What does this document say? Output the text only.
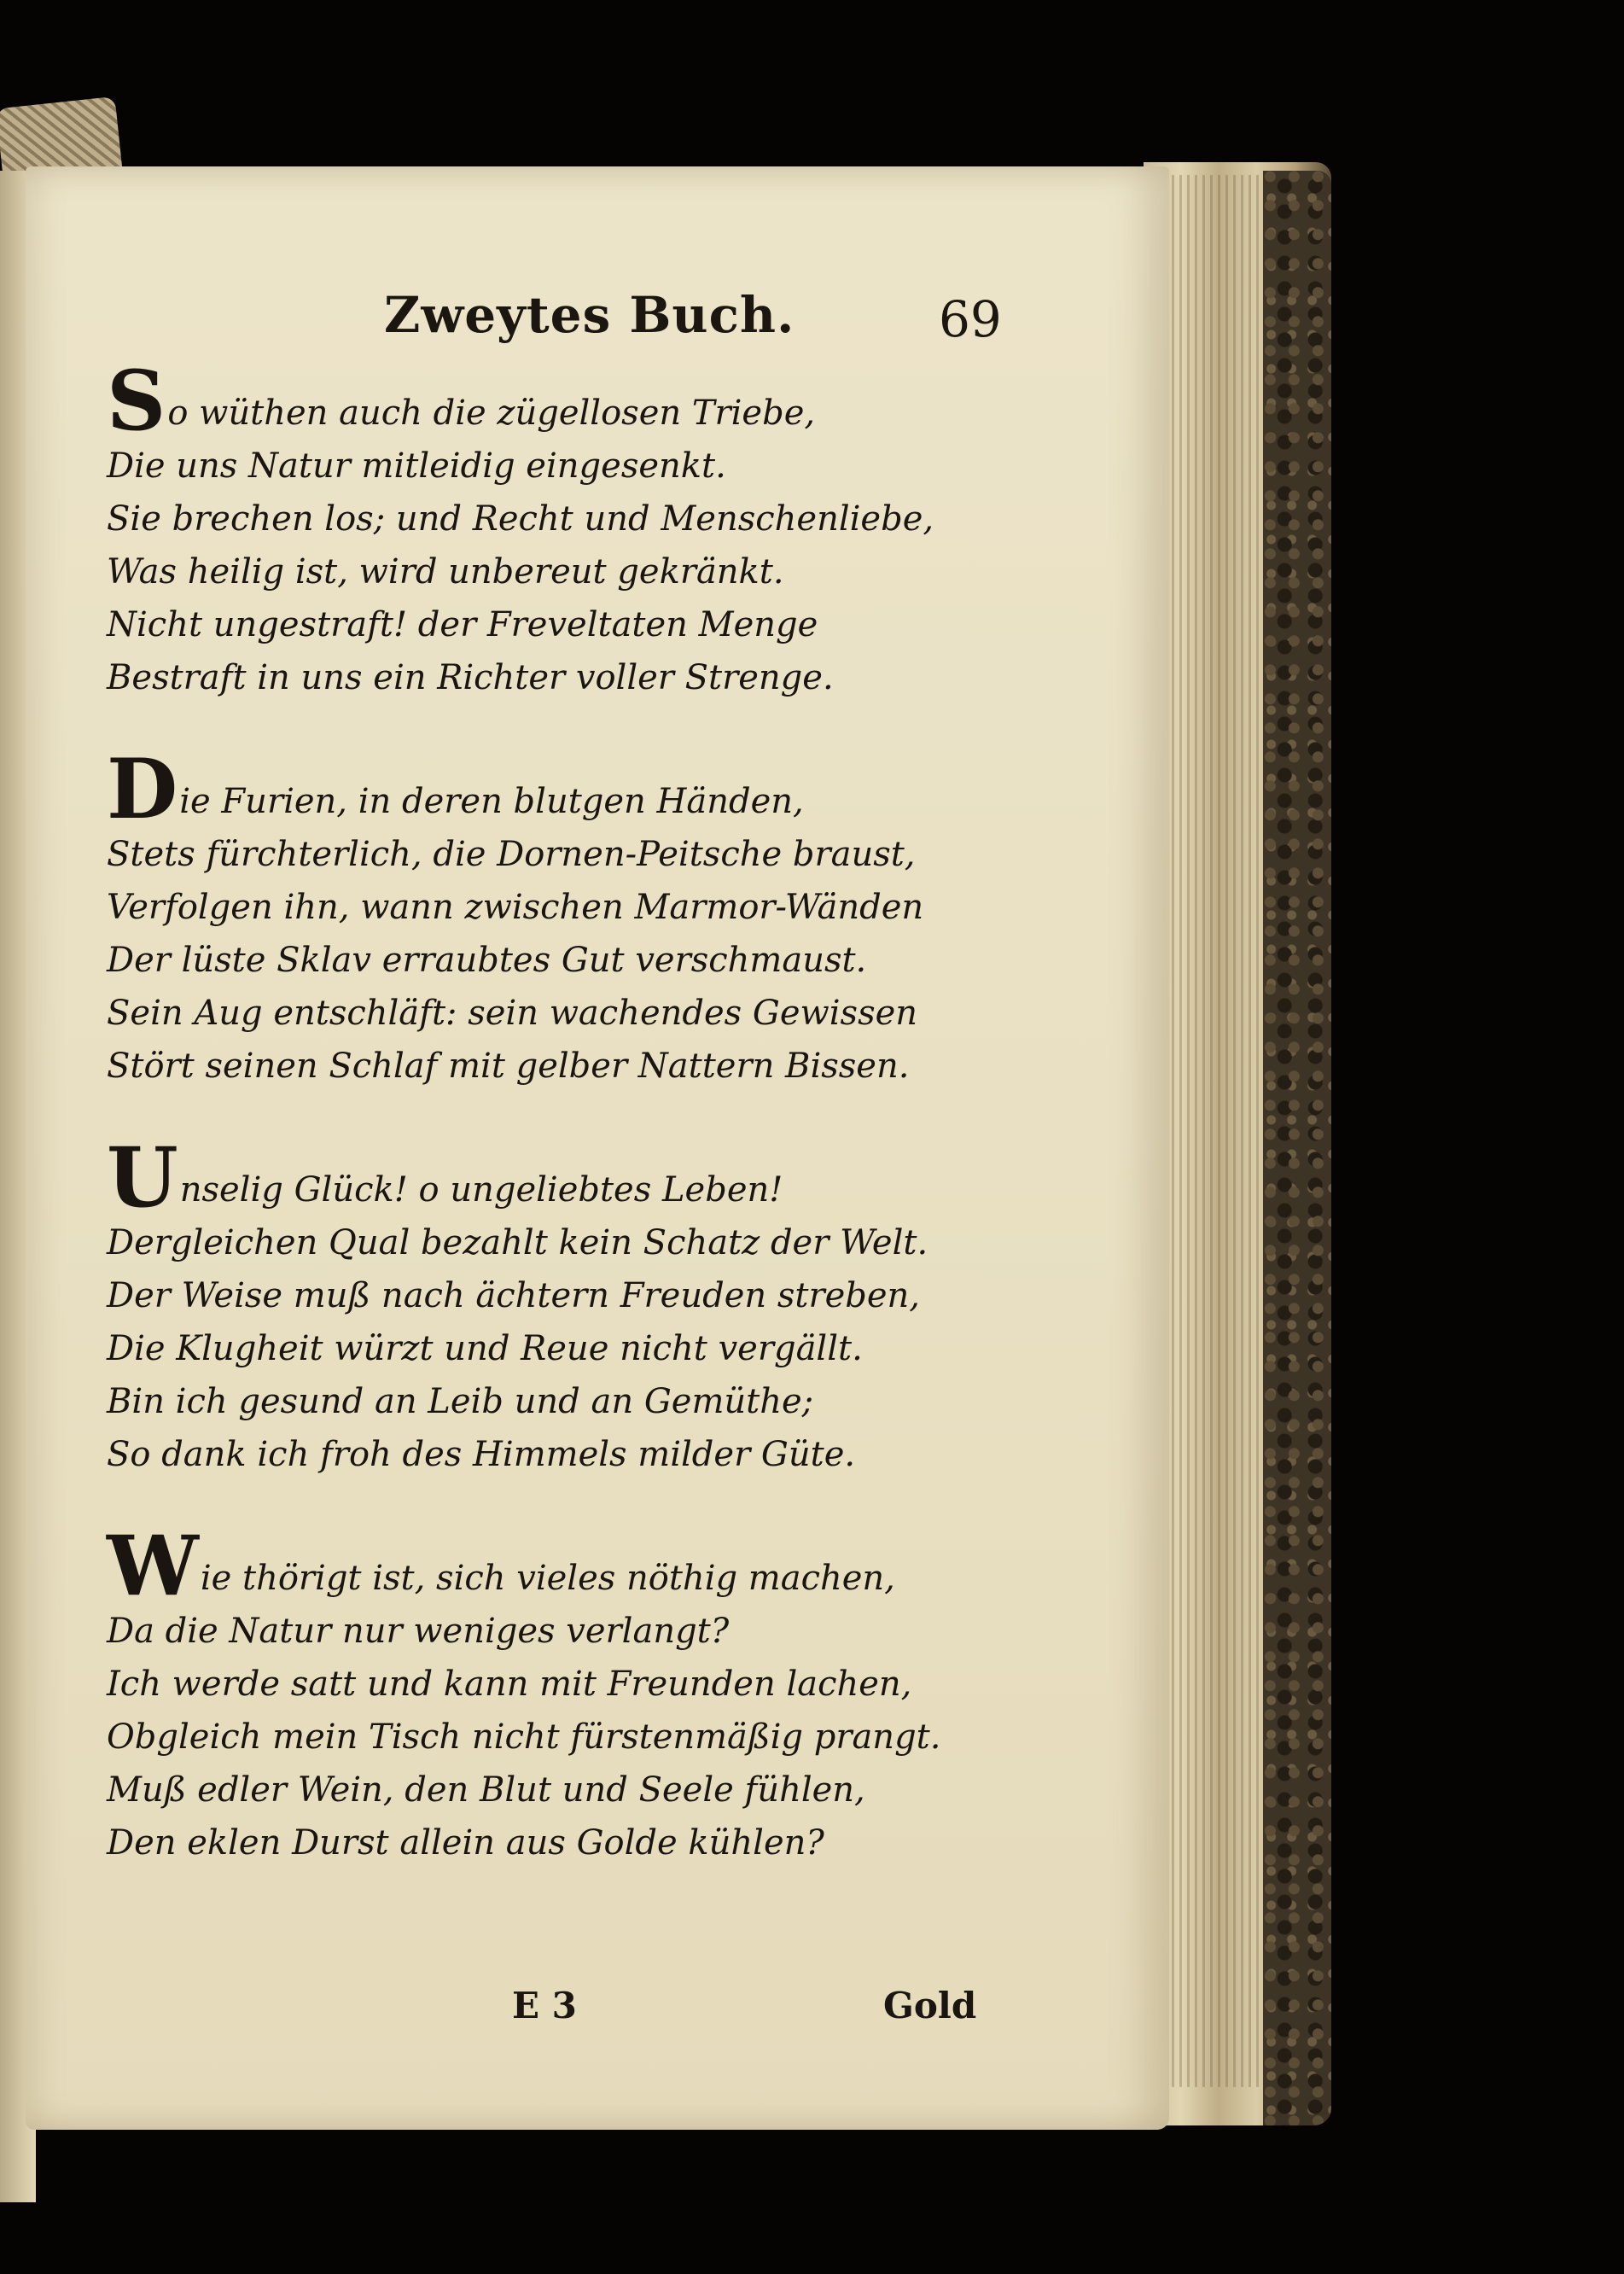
Zweytes Buch.	69
So wüthen auch die zügellosen Triebe,
Die uns Natur mitleidig eingesenkt.
Sie brechen los; und Recht und Menschenliebe,
Was heilig ist, wird unbereut gekränkt.
Nicht ungestraft! der Freveltaten Menge
Bestraft in uns ein Richter voller Strenge.
Die Furien, in deren blutgen Händen,
Stets fürchterlich, die Dornen-Peitsche braust,
Verfolgen ihn, wann zwischen Marmor-Wänden
Der lüste Sklav erraubtes Gut verschmaust.
Sein Aug entschläft: sein wachendes Gewissen
Stört seinen Schlaf mit gelber Nattern Bissen.
Unselig Glück! o ungeliebtes Leben!
Dergleichen Qual bezahlt kein Schatz der Welt.
Der Weise muß nach ächtern Freuden streben,
Die Klugheit würzt und Reue nicht vergällt.
Bin ich gesund an Leib und an Gemüthe;
So dank ich froh des Himmels milder Güte.
Wie thörigt ist, sich vieles nöthig machen,
Da die Natur nur weniges verlangt?
Ich werde satt und kann mit Freunden lachen,
Obgleich mein Tisch nicht fürstenmäßig prangt.
Muß edler Wein, den Blut und Seele fühlen,
Den eklen Durst allein aus Golde kühlen?
E 3	Gold
